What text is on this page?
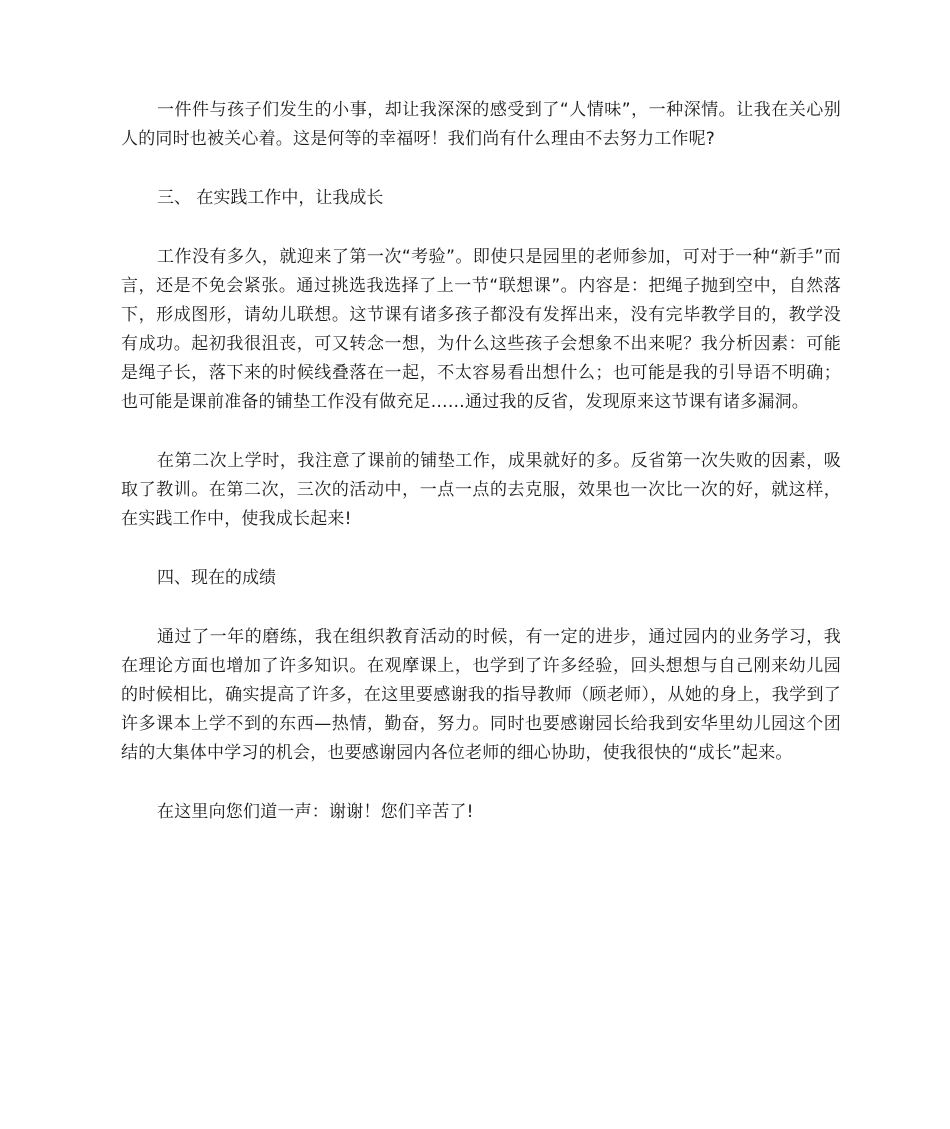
一件件与孩子们发生的小事，却让我深深的感受到了“人情味”，一种深情。让我在关心别人的同时也被关心着。这是何等的幸福呀！我们尚有什么理由不去努力工作呢?

三、 在实践工作中，让我成长

工作没有多久，就迎来了第一次“考验”。即使只是园里的老师参加，可对于一种“新手”而言，还是不免会紧张。通过挑选我选择了上一节“联想课”。内容是：把绳子抛到空中，自然落下，形成图形，请幼儿联想。这节课有诸多孩子都没有发挥出来，没有完毕教学目的，教学没有成功。起初我很沮丧，可又转念一想，为什么这些孩子会想象不出来呢？我分析因素：可能是绳子长，落下来的时候线叠落在一起，不太容易看出想什么；也可能是我的引导语不明确；也可能是课前准备的铺垫工作没有做充足……通过我的反省，发现原来这节课有诸多漏洞。

在第二次上学时，我注意了课前的铺垫工作，成果就好的多。反省第一次失败的因素，吸取了教训。在第二次，三次的活动中，一点一点的去克服，效果也一次比一次的好，就这样，在实践工作中，使我成长起来!

四、现在的成绩

通过了一年的磨练，我在组织教育活动的时候，有一定的进步，通过园内的业务学习，我在理论方面也增加了许多知识。在观摩课上，也学到了许多经验，回头想想与自己刚来幼儿园的时候相比，确实提高了许多，在这里要感谢我的指导教师（顾老师），从她的身上，我学到了许多课本上学不到的东西—热情，勤奋，努力。同时也要感谢园长给我到安华里幼儿园这个团结的大集体中学习的机会，也要感谢园内各位老师的细心协助，使我很快的“成长”起来。

在这里向您们道一声：谢谢！您们辛苦了!
